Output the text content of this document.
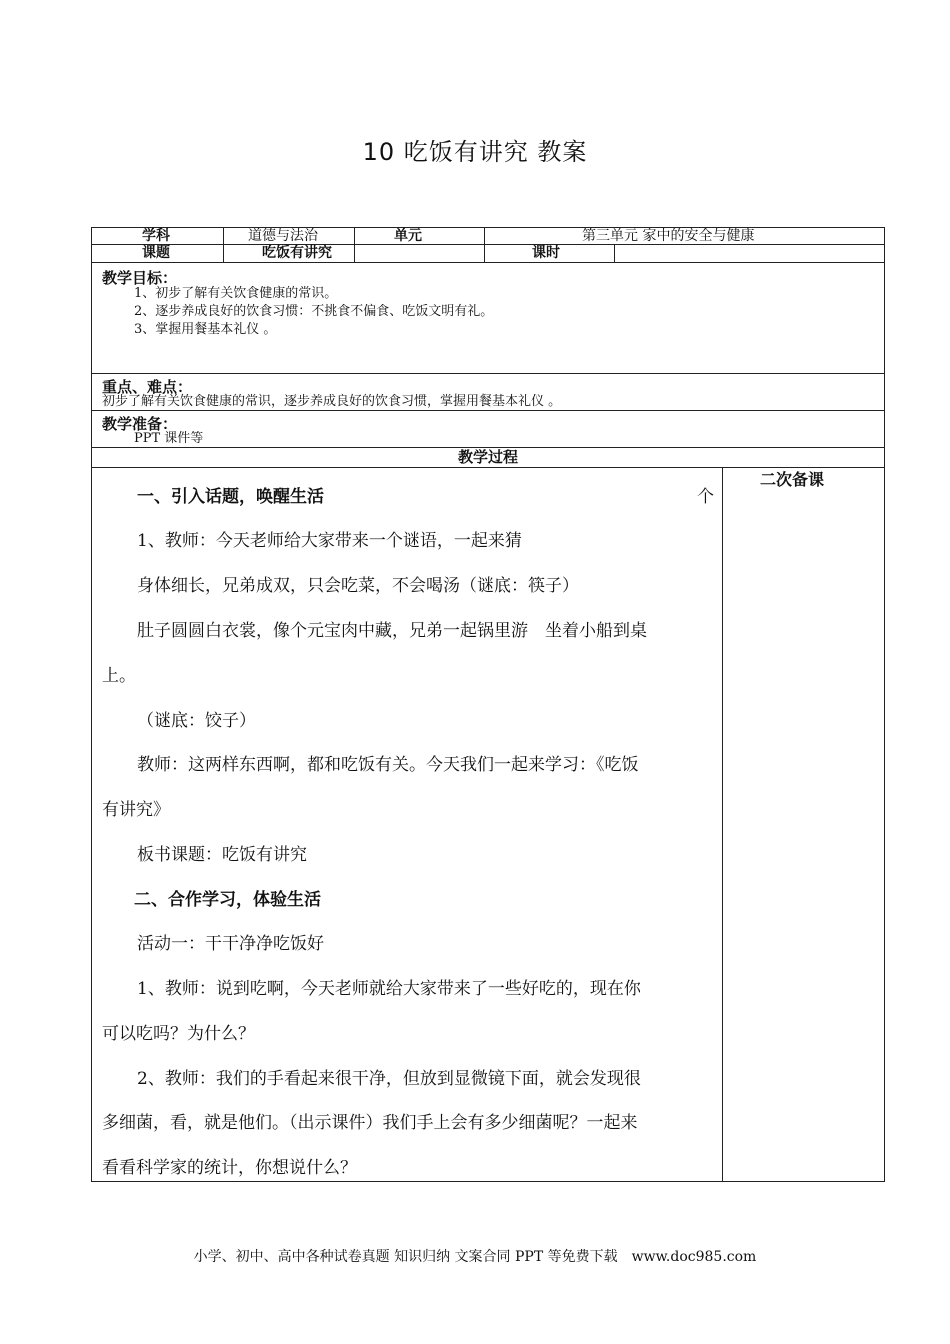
10 吃饭有讲究 教案
学科	道德与法治	单元	第三单元 家中的安全与健康
课题	吃饭有讲究	课时
教学目标：
1、初步了解有关饮食健康的常识。
2、逐步养成良好的饮食习惯：不挑食不偏食、吃饭文明有礼。
3、掌握用餐基本礼仪 。
重点、难点：
初步了解有关饮食健康的常识，逐步养成良好的饮食习惯，掌握用餐基本礼仪 。
教学准备：
PPT 课件等
教学过程
二次备课
一、引入话题，唤醒生活	个
1、教师：今天老师给大家带来一个谜语，一起来猜
身体细长，兄弟成双，只会吃菜，不会喝汤（谜底：筷子）
肚子圆圆白衣裳，像个元宝肉中藏，兄弟一起锅里游　坐着小船到桌
上。
（谜底：饺子）
教师：这两样东西啊，都和吃饭有关。今天我们一起来学习：《吃饭
有讲究》
板书课题：吃饭有讲究
二、合作学习，体验生活
活动一：干干净净吃饭好
1、教师：说到吃啊，今天老师就给大家带来了一些好吃的，现在你
可以吃吗？为什么？
2、教师：我们的手看起来很干净，但放到显微镜下面，就会发现很
多细菌，看，就是他们。（出示课件）我们手上会有多少细菌呢？一起来
看看科学家的统计，你想说什么？
小学、初中、高中各种试卷真题 知识归纳 文案合同 PPT 等免费下载　www.doc985.com
